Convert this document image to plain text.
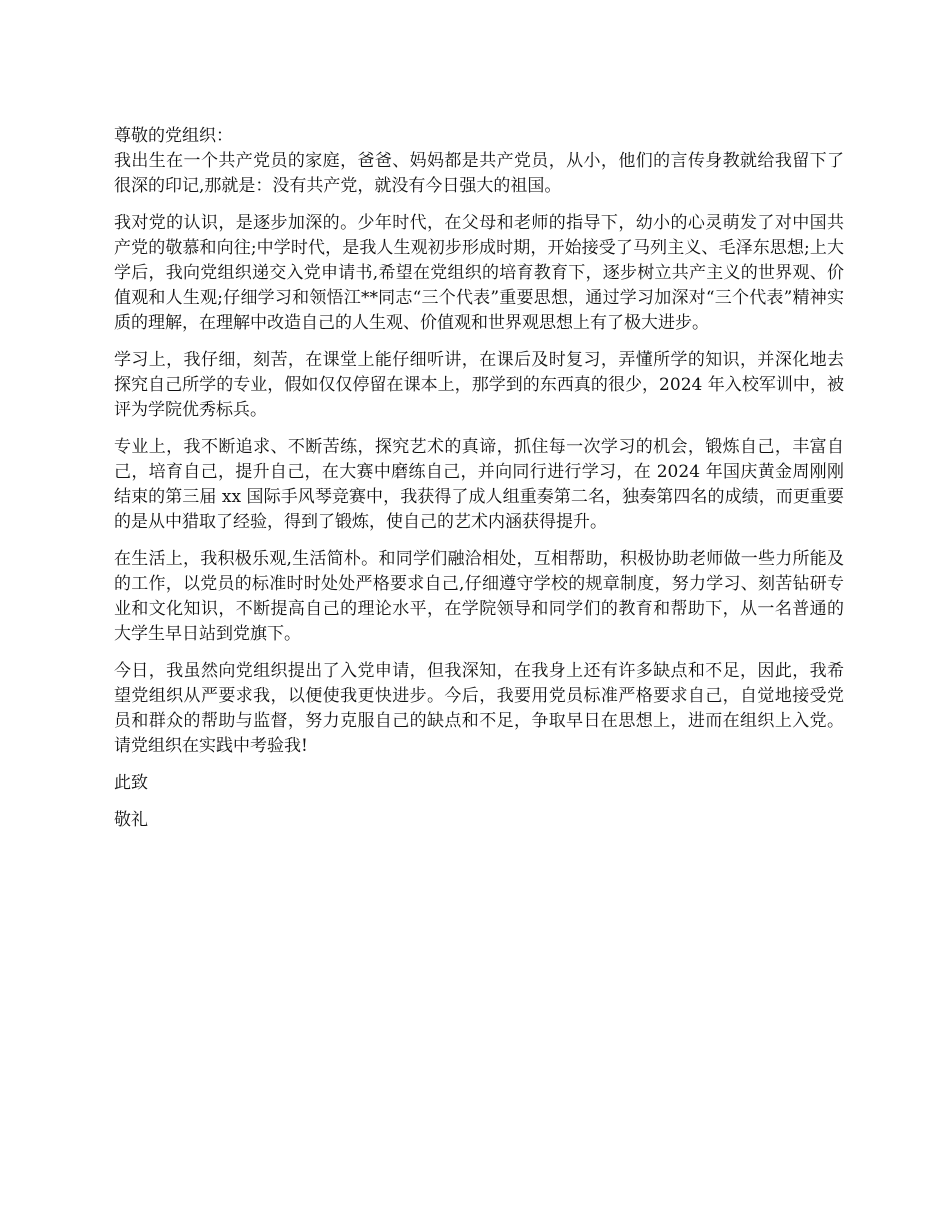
尊敬的党组织：

我出生在一个共产党员的家庭，爸爸、妈妈都是共产党员，从小，他们的言传身教就给我留下了很深的印记,那就是：没有共产党，就没有今日强大的祖国。

我对党的认识，是逐步加深的。少年时代，在父母和老师的指导下，幼小的心灵萌发了对中国共产党的敬慕和向往;中学时代，是我人生观初步形成时期，开始接受了马列主义、毛泽东思想;上大学后，我向党组织递交入党申请书,希望在党组织的培育教育下，逐步树立共产主义的世界观、价值观和人生观;仔细学习和领悟江**同志“三个代表”重要思想，通过学习加深对“三个代表”精神实质的理解，在理解中改造自己的人生观、价值观和世界观思想上有了极大进步。

学习上，我仔细，刻苦，在课堂上能仔细听讲，在课后及时复习，弄懂所学的知识，并深化地去探究自己所学的专业，假如仅仅停留在课本上，那学到的东西真的很少，2024 年入校军训中，被评为学院优秀标兵。

专业上，我不断追求、不断苦练，探究艺术的真谛，抓住每一次学习的机会，锻炼自己，丰富自己，培育自己，提升自己，在大赛中磨练自己，并向同行进行学习，在 2024 年国庆黄金周刚刚结束的第三届 xx 国际手风琴竞赛中，我获得了成人组重奏第二名，独奏第四名的成绩，而更重要的是从中猎取了经验，得到了锻炼，使自己的艺术内涵获得提升。

在生活上，我积极乐观,生活简朴。和同学们融洽相处，互相帮助，积极协助老师做一些力所能及的工作，以党员的标准时时处处严格要求自己,仔细遵守学校的规章制度，努力学习、刻苦钻研专业和文化知识，不断提高自己的理论水平，在学院领导和同学们的教育和帮助下，从一名普通的大学生早日站到党旗下。

今日，我虽然向党组织提出了入党申请，但我深知，在我身上还有许多缺点和不足，因此，我希望党组织从严要求我，以便使我更快进步。今后，我要用党员标准严格要求自己，自觉地接受党员和群众的帮助与监督，努力克服自己的缺点和不足，争取早日在思想上，进而在组织上入党。请党组织在实践中考验我!

此致

敬礼
